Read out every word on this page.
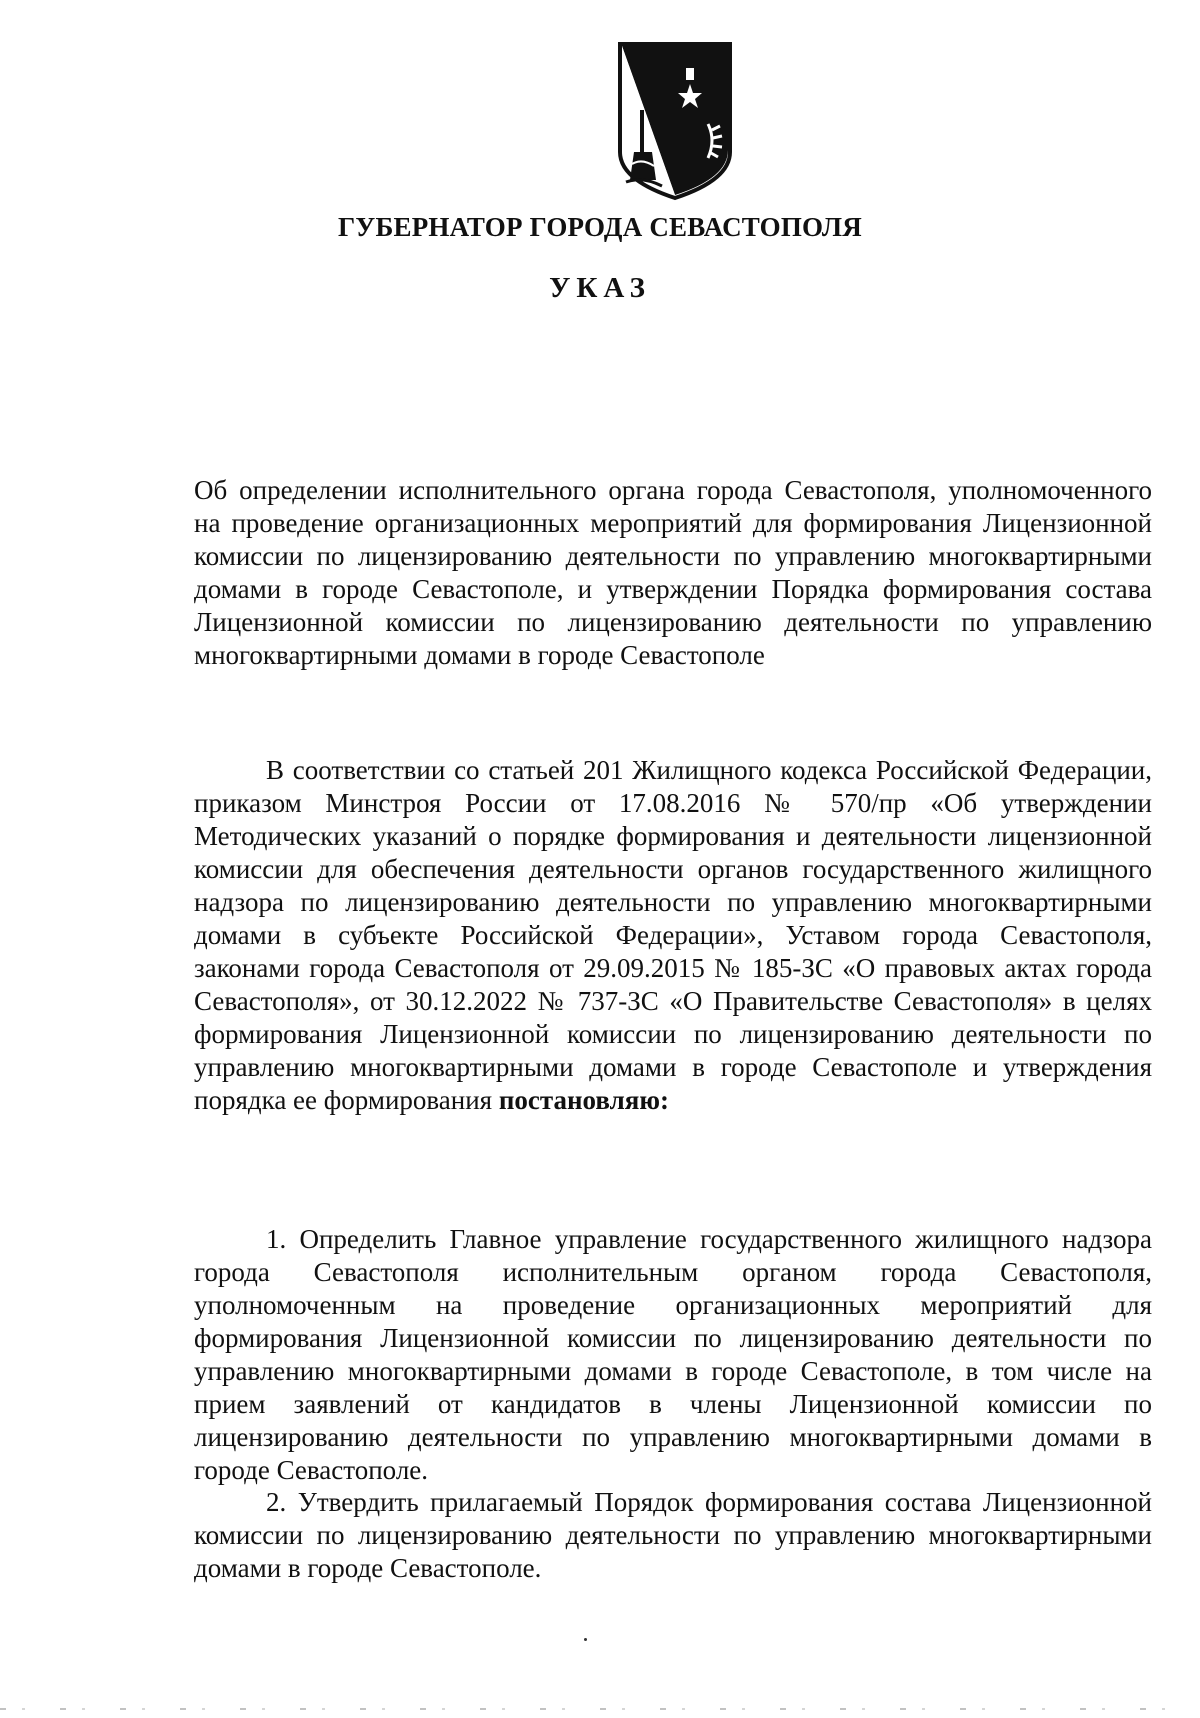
ГУБЕРНАТОР ГОРОДА СЕВАСТОПОЛЯ
УКАЗ
Об определении исполнительного органа города Севастополя, уполномоченного на проведение организационных мероприятий для формирования Лицензионной комиссии по лицензированию деятельности по управлению многоквартирными домами в городе Севастополе, и утверждении Порядка формирования состава Лицензионной комиссии по лицензированию деятельности по управлению многоквартирными домами в городе Севастополе
В соответствии со статьей 201 Жилищного кодекса Российской Федерации, приказом Минстроя России от 17.08.2016 № 570/пр «Об утверждении Методических указаний о порядке формирования и деятельности лицензионной комиссии для обеспечения деятельности органов государственного жилищного надзора по лицензированию деятельности по управлению многоквартирными домами в субъекте Российской Федерации», Уставом города Севастополя, законами города Севастополя от 29.09.2015 № 185-ЗС «О правовых актах города Севастополя», от 30.12.2022 № 737-ЗС «О Правительстве Севастополя» в целях формирования Лицензионной комиссии по лицензированию деятельности по управлению многоквартирными домами в городе Севастополе и утверждения порядка ее формирования постановляю:
1. Определить Главное управление государственного жилищного надзора города Севастополя исполнительным органом города Севастополя, уполномоченным на проведение организационных мероприятий для формирования Лицензионной комиссии по лицензированию деятельности по управлению многоквартирными домами в городе Севастополе, в том числе на прием заявлений от кандидатов в члены Лицензионной комиссии по лицензированию деятельности по управлению многоквартирными домами в городе Севастополе.
2. Утвердить прилагаемый Порядок формирования состава Лицензионной комиссии по лицензированию деятельности по управлению многоквартирными домами в городе Севастополе.
